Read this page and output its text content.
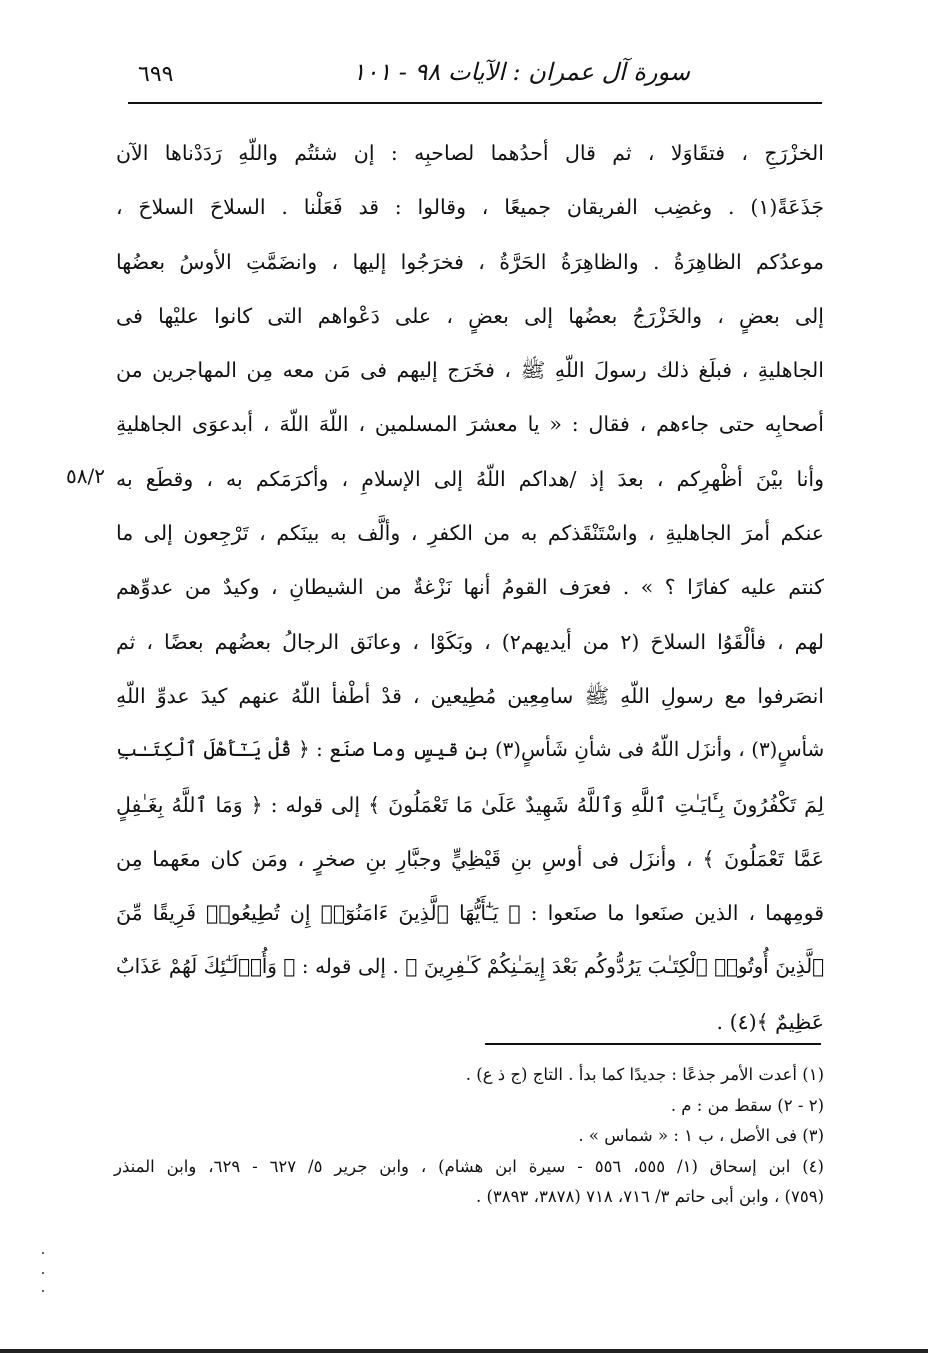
٦٩٩	سورة آل عمران : الآيات ٩٨ - ١٠١
٥٨/٢
الخزْرَجِ ، فتقَاوَلا ، ثم قال أحدُهما لصاحبِه : إن شئتُم واللّهِ رَدَدْناها الآن
جَذَعَةً(١) . وغضِب الفريقان جميعًا ، وقالوا : قد فَعَلْنا . السلاحَ السلاحَ ،
موعدُكم الظاهِرَةُ . والظاهِرَةُ الحَرَّةُ ، فخرَجُوا إليها ، وانضَمَّتِ الأوسُ بعضُها
إلى بعضٍ ، والخَزْرَجُ بعضُها إلى بعضٍ ، على دَعْواهم التى كانوا عليْها فى
الجاهليةِ ، فبلَغ ذلك رسولَ اللّهِ ﷺ ، فخَرَج إليهم فى مَن معه مِن المهاجرين من
أصحابِه حتى جاءهم ، فقال : « يا معشرَ المسلمين ، اللّهَ اللّهَ ، أبدعوَى الجاهليةِ
وأنا بيْنَ أظْهرِكم ، بعدَ إذ /هداكم اللّهُ إلى الإسلامِ ، وأكرَمَكم به ، وقطَع به
عنكم أمرَ الجاهليةِ ، واسْتَنْقَذكم به من الكفرِ ، وألَّف به بينَكم ، تَرْجِعون إلى ما
كنتم عليه كفارًا ؟ » . فعرَف القومُ أنها نَزْغةٌ من الشيطانِ ، وكيدٌ من عدوِّهم
لهم ، فألْقَوُا السلاحَ (٢ من أيديهم٢) ، وبَكَوْا ، وعانَق الرجالُ بعضُهم بعضًا ، ثم
انصَرفوا مع رسولِ اللّهِ ﷺ سامِعِين مُطِيعين ، قدْ أطْفأ اللّهُ عنهم كيدَ عدوِّ اللّهِ
شأسٍ(٣) ، وأنزَل اللّهُ فى شأنِ شَأسٍ(٣) بنِ قيسٍ وما صنَع : ﴿ قُلْ يَـٰٓأَهْلَ ٱلْكِتَـٰبِ
لِمَ تَكْفُرُونَ بِـَٔايَـٰتِ ٱللَّهِ وَٱللَّهُ شَهِيدٌ عَلَىٰ مَا تَعْمَلُونَ ﴾ إلى قوله : ﴿ وَمَا ٱللَّهُ بِغَـٰفِلٍ
عَمَّا تَعْمَلُونَ ﴾ ، وأنزَل فى أوسِ بنِ قَيْظِيٍّ وجبَّارِ بنِ صخرٍ ، ومَن كان معَهما مِن
قومِهما ، الذين صنَعوا ما صنَعوا : ﴿ يَـٰٓأَيُّهَا ٱلَّذِينَ ءَامَنُوٓا۟ إِن تُطِيعُوا۟ فَرِيقًا مِّنَ
ٱلَّذِينَ أُوتُوا۟ ٱلْكِتَـٰبَ يَرُدُّوكُم بَعْدَ إِيمَـٰنِكُمْ كَـٰفِرِينَ ﴾ . إلى قوله : ﴿ وَأُو۟لَـٰٓئِكَ لَهُمْ عَذَابٌ
عَظِيمٌ ﴾(٤) .
(١) أعدت الأمر جذعًا : جديدًا كما بدأ . التاج (ج ذ ع) .
(٢ - ٢) سقط من : م .
(٣) فى الأصل ، ب ١ : « شماس » .
(٤) ابن إسحاق (١/ ٥٥٥، ٥٥٦ - سيرة ابن هشام) ، وابن جرير ٥/ ٦٢٧ - ٦٢٩، وابن المنذر
(٧٥٩) ، وابن أبى حاتم ٣/ ٧١٦، ٧١٨ (٣٨٧٨، ٣٨٩٣) .
